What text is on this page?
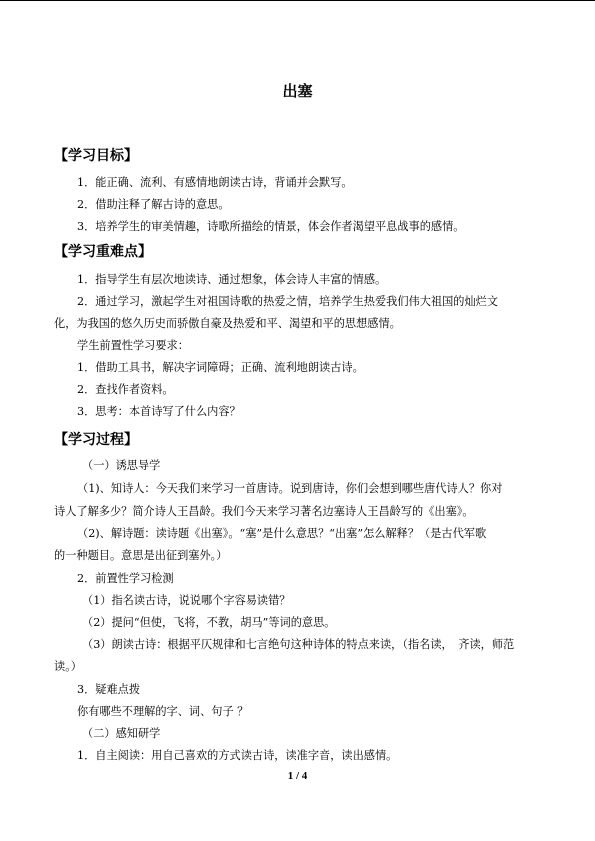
出塞
【学习目标】
1．能正确、流利、有感情地朗读古诗，背诵并会默写。
2．借助注释了解古诗的意思。
3．培养学生的审美情趣，诗歌所描绘的情景，体会作者渴望平息战事的感情。
【学习重难点】
1．指导学生有层次地读诗、通过想象，体会诗人丰富的情感。
2．通过学习，激起学生对祖国诗歌的热爱之情，培养学生热爱我们伟大祖国的灿烂文
化，为我国的悠久历史而骄傲自豪及热爱和平、渴望和平的思想感情。
学生前置性学习要求：
1．借助工具书，解决字词障碍；正确、流利地朗读古诗。
2．查找作者资料。
3．思考：本首诗写了什么内容？
【学习过程】
（一）诱思导学
（1)、知诗人：今天我们来学习一首唐诗。说到唐诗，你们会想到哪些唐代诗人？你对
诗人了解多少？简介诗人王昌龄。我们今天来学习著名边塞诗人王昌龄写的《出塞》。
（2)、解诗题：读诗题《出塞》。“塞”是什么意思？“出塞”怎么解释？（是古代军歌
的一种题目。意思是出征到塞外。）
2．前置性学习检测
（1）指名读古诗，说说哪个字容易读错？
（2）提问“但使，飞将，不教，胡马”等词的意思。
（3）朗读古诗：根据平仄规律和七言绝句这种诗体的特点来读，（指名读，　齐读，师范
读。）
3．疑难点拨
你有哪些不理解的字、词、句子 ？
（二）感知研学
1．自主阅读：用自己喜欢的方式读古诗，读准字音，读出感情。
1 / 4
